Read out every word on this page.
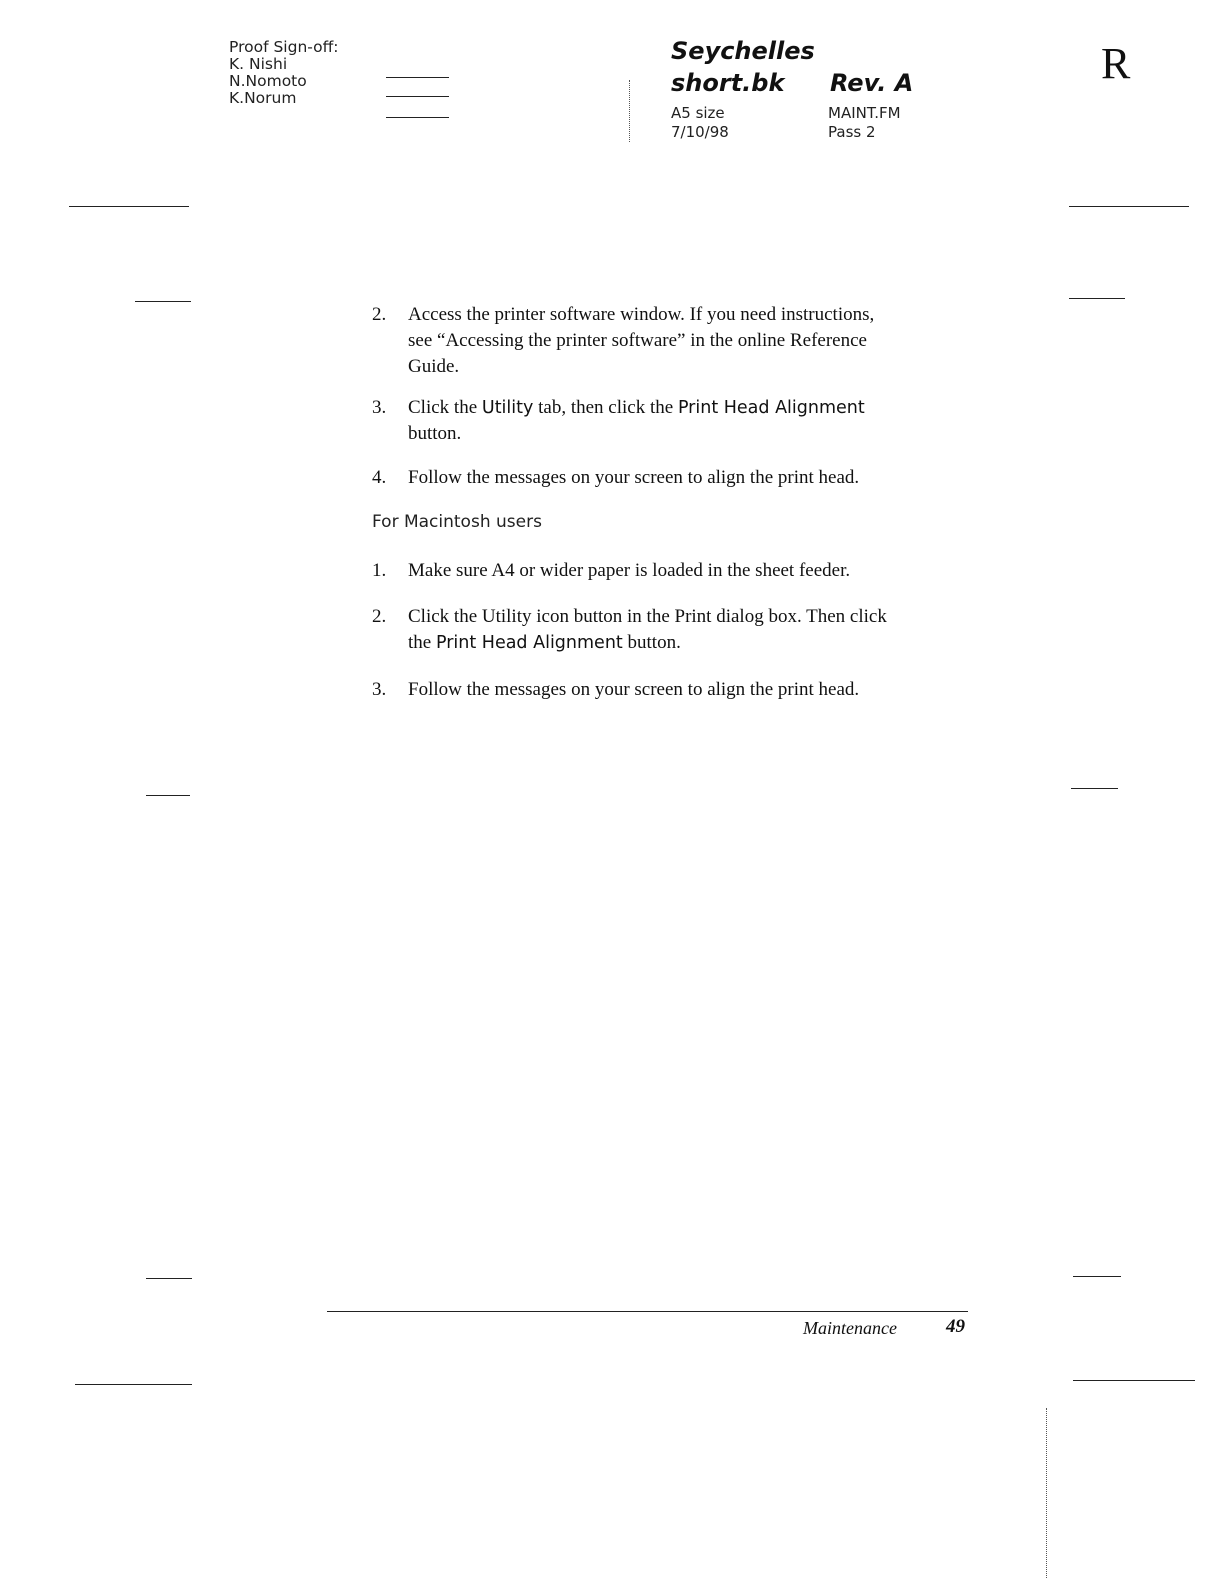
Proof Sign-off:
K. Nishi
N.Nomoto
K.Norum
Seychelles
short.bk Rev. A
A5 size	MAINT.FM
7/10/98	Pass 2
R
2. Access the printer software window. If you need instructions,
see “Accessing the printer software” in the online Reference
Guide.
3. Click the Utility tab, then click the Print Head Alignment
button.
4. Follow the messages on your screen to align the print head.
For Macintosh users
1. Make sure A4 or wider paper is loaded in the sheet feeder.
2. Click the Utility icon button in the Print dialog box. Then click
the Print Head Alignment button.
3. Follow the messages on your screen to align the print head.
Maintenance	49
